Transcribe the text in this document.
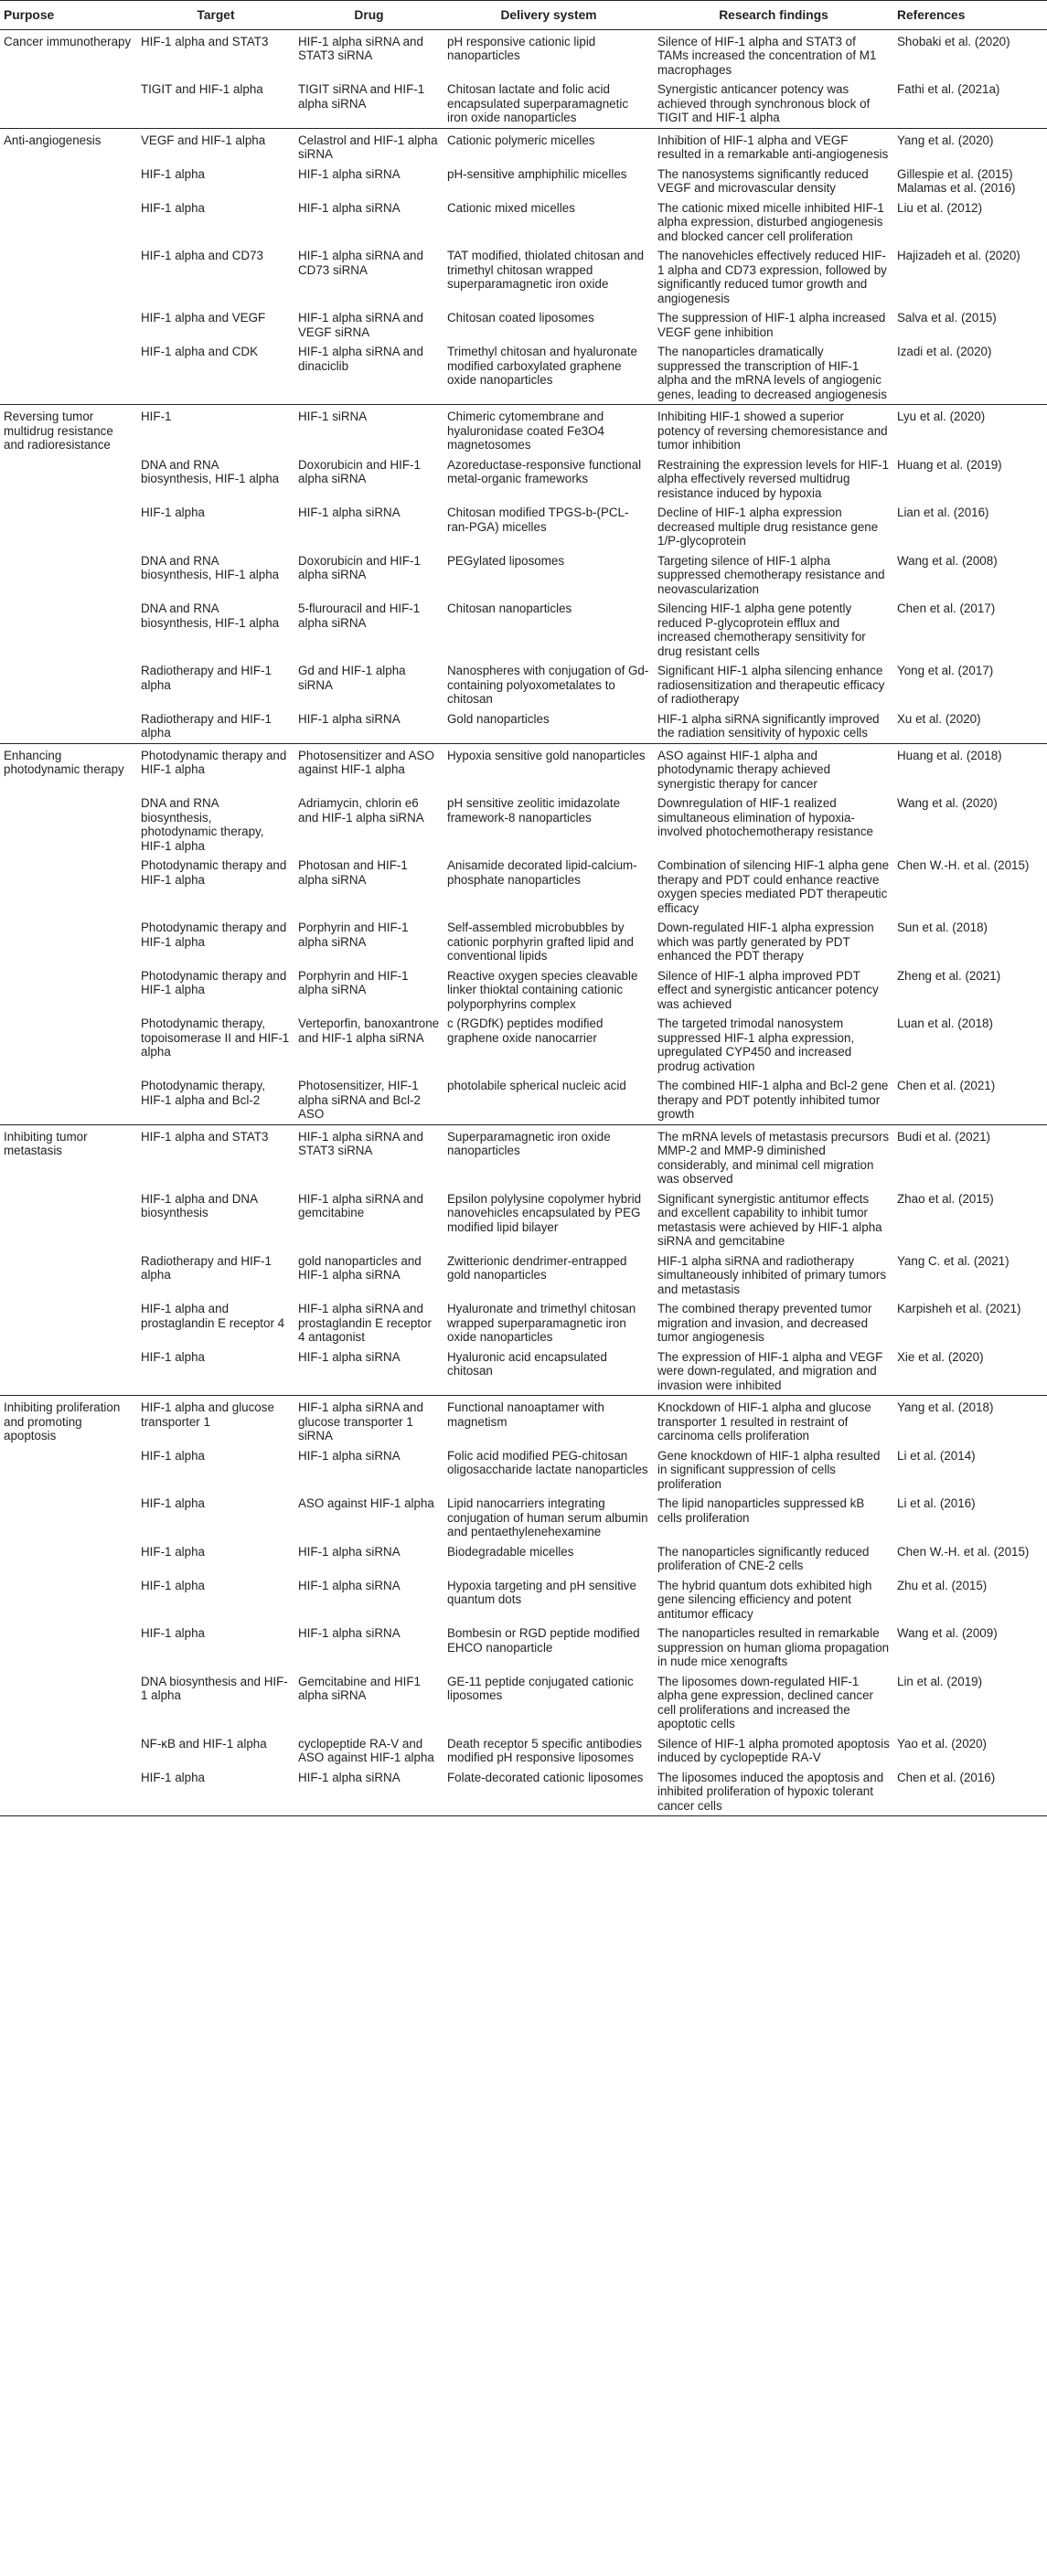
Purpose	Target	Drug	Delivery system	Research findings	References
Cancer immunotherapy	HIF-1 alpha and STAT3	HIF-1 alpha siRNA and STAT3 siRNA	pH responsive cationic lipid nanoparticles	Silence of HIF-1 alpha and STAT3 of TAMs increased the concentration of M1 macrophages	Shobaki et al. (2020)
	TIGIT and HIF-1 alpha	TIGIT siRNA and HIF-1 alpha siRNA	Chitosan lactate and folic acid encapsulated superparamagnetic iron oxide nanoparticles	Synergistic anticancer potency was achieved through synchronous block of TIGIT and HIF-1 alpha	Fathi et al. (2021a)
Anti-angiogenesis	VEGF and HIF-1 alpha	Celastrol and HIF-1 alpha siRNA	Cationic polymeric micelles	Inhibition of HIF-1 alpha and VEGF resulted in a remarkable anti-angiogenesis	Yang et al. (2020)
	HIF-1 alpha	HIF-1 alpha siRNA	pH-sensitive amphiphilic micelles	The nanosystems significantly reduced VEGF and microvascular density	Gillespie et al. (2015) Malamas et al. (2016)
	HIF-1 alpha	HIF-1 alpha siRNA	Cationic mixed micelles	The cationic mixed micelle inhibited HIF-1 alpha expression, disturbed angiogenesis and blocked cancer cell proliferation	Liu et al. (2012)
	HIF-1 alpha and CD73	HIF-1 alpha siRNA and CD73 siRNA	TAT modified, thiolated chitosan and trimethyl chitosan wrapped superparamagnetic iron oxide	The nanovehicles effectively reduced HIF-1 alpha and CD73 expression, followed by significantly reduced tumor growth and angiogenesis	Hajizadeh et al. (2020)
	HIF-1 alpha and VEGF	HIF-1 alpha siRNA and VEGF siRNA	Chitosan coated liposomes	The suppression of HIF-1 alpha increased VEGF gene inhibition	Salva et al. (2015)
	HIF-1 alpha and CDK	HIF-1 alpha siRNA and dinaciclib	Trimethyl chitosan and hyaluronate modified carboxylated graphene oxide nanoparticles	The nanoparticles dramatically suppressed the transcription of HIF-1 alpha and the mRNA levels of angiogenic genes, leading to decreased angiogenesis	Izadi et al. (2020)
Reversing tumor multidrug resistance and radioresistance	HIF-1	HIF-1 siRNA	Chimeric cytomembrane and hyaluronidase coated Fe3O4 magnetosomes	Inhibiting HIF-1 showed a superior potency of reversing chemoresistance and tumor inhibition	Lyu et al. (2020)
	DNA and RNA biosynthesis, HIF-1 alpha	Doxorubicin and HIF-1 alpha siRNA	Azoreductase-responsive functional metal-organic frameworks	Restraining the expression levels for HIF-1 alpha effectively reversed multidrug resistance induced by hypoxia	Huang et al. (2019)
	HIF-1 alpha	HIF-1 alpha siRNA	Chitosan modified TPGS-b-(PCL-ran-PGA) micelles	Decline of HIF-1 alpha expression decreased multiple drug resistance gene 1/P-glycoprotein	Lian et al. (2016)
	DNA and RNA biosynthesis, HIF-1 alpha	Doxorubicin and HIF-1 alpha siRNA	PEGylated liposomes	Targeting silence of HIF-1 alpha suppressed chemotherapy resistance and neovascularization	Wang et al. (2008)
	DNA and RNA biosynthesis, HIF-1 alpha	5-flurouracil and HIF-1 alpha siRNA	Chitosan nanoparticles	Silencing HIF-1 alpha gene potently reduced P-glycoprotein efflux and increased chemotherapy sensitivity for drug resistant cells	Chen et al. (2017)
	Radiotherapy and HIF-1 alpha	Gd and HIF-1 alpha siRNA	Nanospheres with conjugation of Gd-containing polyoxometalates to chitosan	Significant HIF-1 alpha silencing enhance radiosensitization and therapeutic efficacy of radiotherapy	Yong et al. (2017)
	Radiotherapy and HIF-1 alpha	HIF-1 alpha siRNA	Gold nanoparticles	HIF-1 alpha siRNA significantly improved the radiation sensitivity of hypoxic cells	Xu et al. (2020)
Enhancing photodynamic therapy	Photodynamic therapy and HIF-1 alpha	Photosensitizer and ASO against HIF-1 alpha	Hypoxia sensitive gold nanoparticles	ASO against HIF-1 alpha and photodynamic therapy achieved synergistic therapy for cancer	Huang et al. (2018)
	DNA and RNA biosynthesis, photodynamic therapy, HIF-1 alpha	Adriamycin, chlorin e6 and HIF-1 alpha siRNA	pH sensitive zeolitic imidazolate framework-8 nanoparticles	Downregulation of HIF-1 realized simultaneous elimination of hypoxia-involved photochemotherapy resistance	Wang et al. (2020)
	Photodynamic therapy and HIF-1 alpha	Photosan and HIF-1 alpha siRNA	Anisamide decorated lipid-calcium-phosphate nanoparticles	Combination of silencing HIF-1 alpha gene therapy and PDT could enhance reactive oxygen species mediated PDT therapeutic efficacy	Chen W.-H. et al. (2015)
	Photodynamic therapy and HIF-1 alpha	Porphyrin and HIF-1 alpha siRNA	Self-assembled microbubbles by cationic porphyrin grafted lipid and conventional lipids	Down-regulated HIF-1 alpha expression which was partly generated by PDT enhanced the PDT therapy	Sun et al. (2018)
	Photodynamic therapy and HIF-1 alpha	Porphyrin and HIF-1 alpha siRNA	Reactive oxygen species cleavable linker thioktal containing cationic polyporphyrins complex	Silence of HIF-1 alpha improved PDT effect and synergistic anticancer potency was achieved	Zheng et al. (2021)
	Photodynamic therapy, topoisomerase II and HIF-1 alpha	Verteporfin, banoxantrone and HIF-1 alpha siRNA	c (RGDfK) peptides modified graphene oxide nanocarrier	The targeted trimodal nanosystem suppressed HIF-1 alpha expression, upregulated CYP450 and increased prodrug activation	Luan et al. (2018)
	Photodynamic therapy, HIF-1 alpha and Bcl-2	Photosensitizer, HIF-1 alpha siRNA and Bcl-2 ASO	photolabile spherical nucleic acid	The combined HIF-1 alpha and Bcl-2 gene therapy and PDT potently inhibited tumor growth	Chen et al. (2021)
Inhibiting tumor metastasis	HIF-1 alpha and STAT3	HIF-1 alpha siRNA and STAT3 siRNA	Superparamagnetic iron oxide nanoparticles	The mRNA levels of metastasis precursors MMP-2 and MMP-9 diminished considerably, and minimal cell migration was observed	Budi et al. (2021)
	HIF-1 alpha and DNA biosynthesis	HIF-1 alpha siRNA and gemcitabine	Epsilon polylysine copolymer hybrid nanovehicles encapsulated by PEG modified lipid bilayer	Significant synergistic antitumor effects and excellent capability to inhibit tumor metastasis were achieved by HIF-1 alpha siRNA and gemcitabine	Zhao et al. (2015)
	Radiotherapy and HIF-1 alpha	gold nanoparticles and HIF-1 alpha siRNA	Zwitterionic dendrimer-entrapped gold nanoparticles	HIF-1 alpha siRNA and radiotherapy simultaneously inhibited of primary tumors and metastasis	Yang C. et al. (2021)
	HIF-1 alpha and prostaglandin E receptor 4	HIF-1 alpha siRNA and prostaglandin E receptor 4 antagonist	Hyaluronate and trimethyl chitosan wrapped superparamagnetic iron oxide nanoparticles	The combined therapy prevented tumor migration and invasion, and decreased tumor angiogenesis	Karpisheh et al. (2021)
	HIF-1 alpha	HIF-1 alpha siRNA	Hyaluronic acid encapsulated chitosan	The expression of HIF-1 alpha and VEGF were down-regulated, and migration and invasion were inhibited	Xie et al. (2020)
Inhibiting proliferation and promoting apoptosis	HIF-1 alpha and glucose transporter 1	HIF-1 alpha siRNA and glucose transporter 1 siRNA	Functional nanoaptamer with magnetism	Knockdown of HIF-1 alpha and glucose transporter 1 resulted in restraint of carcinoma cells proliferation	Yang et al. (2018)
	HIF-1 alpha	HIF-1 alpha siRNA	Folic acid modified PEG-chitosan oligosaccharide lactate nanoparticles	Gene knockdown of HIF-1 alpha resulted in significant suppression of cells proliferation	Li et al. (2014)
	HIF-1 alpha	ASO against HIF-1 alpha	Lipid nanocarriers integrating conjugation of human serum albumin and pentaethylenehexamine	The lipid nanoparticles suppressed kB cells proliferation	Li et al. (2016)
	HIF-1 alpha	HIF-1 alpha siRNA	Biodegradable micelles	The nanoparticles significantly reduced proliferation of CNE-2 cells	Chen W.-H. et al. (2015)
	HIF-1 alpha	HIF-1 alpha siRNA	Hypoxia targeting and pH sensitive quantum dots	The hybrid quantum dots exhibited high gene silencing efficiency and potent antitumor efficacy	Zhu et al. (2015)
	HIF-1 alpha	HIF-1 alpha siRNA	Bombesin or RGD peptide modified EHCO nanoparticle	The nanoparticles resulted in remarkable suppression on human glioma propagation in nude mice xenografts	Wang et al. (2009)
	DNA biosynthesis and HIF-1 alpha	Gemcitabine and HIF1 alpha siRNA	GE-11 peptide conjugated cationic liposomes	The liposomes down-regulated HIF-1 alpha gene expression, declined cancer cell proliferations and increased the apoptotic cells	Lin et al. (2019)
	NF-κB and HIF-1 alpha	cyclopeptide RA-V and ASO against HIF-1 alpha	Death receptor 5 specific antibodies modified pH responsive liposomes	Silence of HIF-1 alpha promoted apoptosis induced by cyclopeptide RA-V	Yao et al. (2020)
	HIF-1 alpha	HIF-1 alpha siRNA	Folate-decorated cationic liposomes	The liposomes induced the apoptosis and inhibited proliferation of hypoxic tolerant cancer cells	Chen et al. (2016)
